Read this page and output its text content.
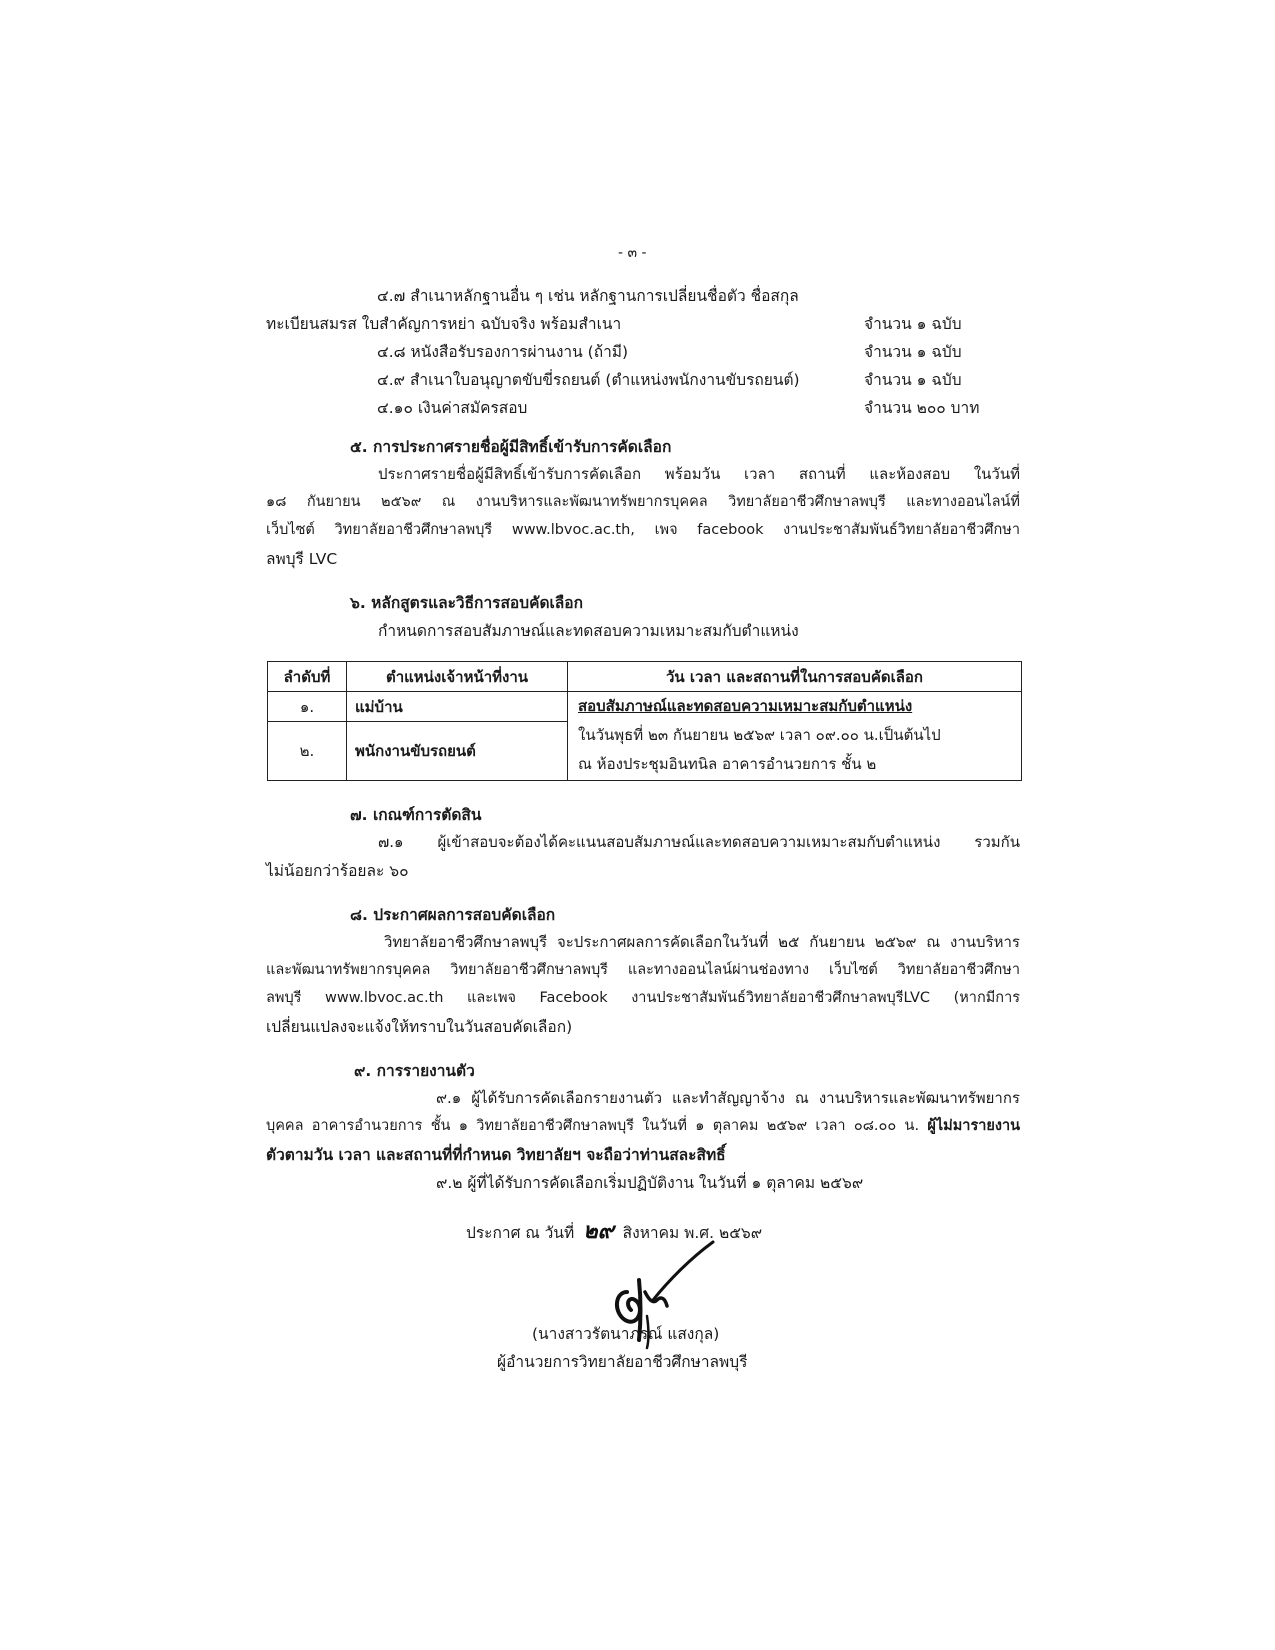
- ๓ -
๔.๗ สำเนาหลักฐานอื่น ๆ เช่น หลักฐานการเปลี่ยนชื่อตัว ชื่อสกุล
ทะเบียนสมรส ใบสำคัญการหย่า ฉบับจริง พร้อมสำเนา	จำนวน ๑ ฉบับ
๔.๘ หนังสือรับรองการผ่านงาน (ถ้ามี)	จำนวน ๑ ฉบับ
๔.๙ สำเนาใบอนุญาตขับขี่รถยนต์ (ตำแหน่งพนักงานขับรถยนต์)	จำนวน ๑ ฉบับ
๔.๑๐ เงินค่าสมัครสอบ	จำนวน ๒๐๐ บาท
๕. การประกาศรายชื่อผู้มีสิทธิ์เข้ารับการคัดเลือก
ประกาศรายชื่อผู้มีสิทธิ์เข้ารับการคัดเลือก พร้อมวัน เวลา สถานที่ และห้องสอบ ในวันที่
๑๘ กันยายน ๒๕๖๙ ณ งานบริหารและพัฒนาทรัพยากรบุคคล วิทยาลัยอาชีวศึกษาลพบุรี และทางออนไลน์ที่
เว็บไซต์ วิทยาลัยอาชีวศึกษาลพบุรี www.lbvoc.ac.th, เพจ facebook งานประชาสัมพันธ์วิทยาลัยอาชีวศึกษา
ลพบุรี LVC
๖. หลักสูตรและวิธีการสอบคัดเลือก
กำหนดการสอบสัมภาษณ์และทดสอบความเหมาะสมกับตำแหน่ง
ลำดับที่	ตำแหน่งเจ้าหน้าที่งาน	วัน เวลา และสถานที่ในการสอบคัดเลือก
๑.	แม่บ้าน	สอบสัมภาษณ์และทดสอบความเหมาะสมกับตำแหน่ง
ในวันพุธที่ ๒๓ กันยายน ๒๕๖๙ เวลา ๐๙.๐๐ น.เป็นต้นไป
ณ ห้องประชุมอินทนิล อาคารอำนวยการ ชั้น ๒

๒.	พนักงานขับรถยนต์	
๗. เกณฑ์การตัดสิน
๗.๑ ผู้เข้าสอบจะต้องได้คะแนนสอบสัมภาษณ์และทดสอบความเหมาะสมกับตำแหน่ง รวมกัน
ไม่น้อยกว่าร้อยละ ๖๐
๘. ประกาศผลการสอบคัดเลือก
วิทยาลัยอาชีวศึกษาลพบุรี จะประกาศผลการคัดเลือกในวันที่ ๒๕ กันยายน ๒๕๖๙ ณ งานบริหาร
และพัฒนาทรัพยากรบุคคล วิทยาลัยอาชีวศึกษาลพบุรี และทางออนไลน์ผ่านช่องทาง เว็บไซต์ วิทยาลัยอาชีวศึกษา
ลพบุรี www.lbvoc.ac.th และเพจ Facebook งานประชาสัมพันธ์วิทยาลัยอาชีวศึกษาลพบุรีLVC (หากมีการ
เปลี่ยนแปลงจะแจ้งให้ทราบในวันสอบคัดเลือก)
๙. การรายงานตัว
๙.๑ ผู้ได้รับการคัดเลือกรายงานตัว และทำสัญญาจ้าง ณ งานบริหารและพัฒนาทรัพยากร
บุคคล อาคารอำนวยการ ชั้น ๑ วิทยาลัยอาชีวศึกษาลพบุรี ในวันที่ ๑ ตุลาคม ๒๕๖๙ เวลา ๐๘.๐๐ น. ผู้ไม่มารายงาน
ตัวตามวัน เวลา และสถานที่ที่กำหนด วิทยาลัยฯ จะถือว่าท่านสละสิทธิ์
๙.๒ ผู้ที่ได้รับการคัดเลือกเริ่มปฏิบัติงาน ในวันที่ ๑ ตุลาคม ๒๕๖๙
ประกาศ ณ วันที่ ๒๙ สิงหาคม พ.ศ. ๒๕๖๙
(นางสาวรัตนาภรณ์ แสงกุล)
ผู้อำนวยการวิทยาลัยอาชีวศึกษาลพบุรี
